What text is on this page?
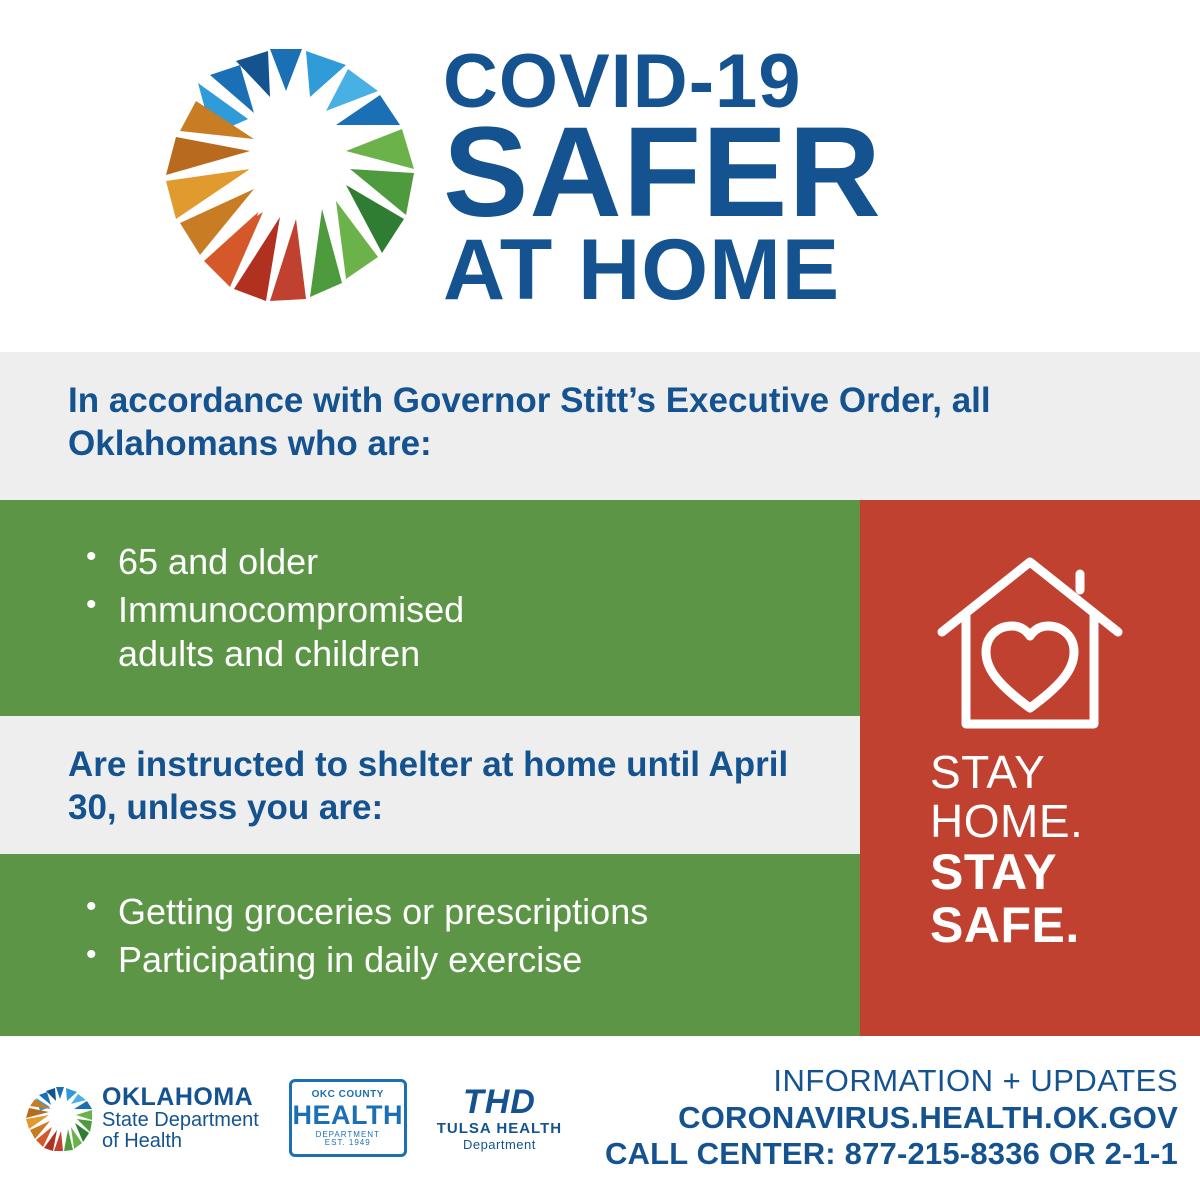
COVID-19
SAFER
AT HOME

In accordance with Governor Stitt’s Executive Order, all Oklahomans who are:

• 65 and older
• Immunocompromised
adults and children

Are instructed to shelter at home until April 30, unless you are:

• Getting groceries or prescriptions
• Participating in daily exercise
STAY
HOME.
STAY
SAFE.
OKLAHOMA
State Department
of Health
OKC COUNTY
HEALTH
DEPARTMENT
EST. 1949
THD
TULSA HEALTH
Department
INFORMATION + UPDATES
CORONAVIRUS.HEALTH.OK.GOV
CALL CENTER: 877-215-8336 OR 2-1-1
